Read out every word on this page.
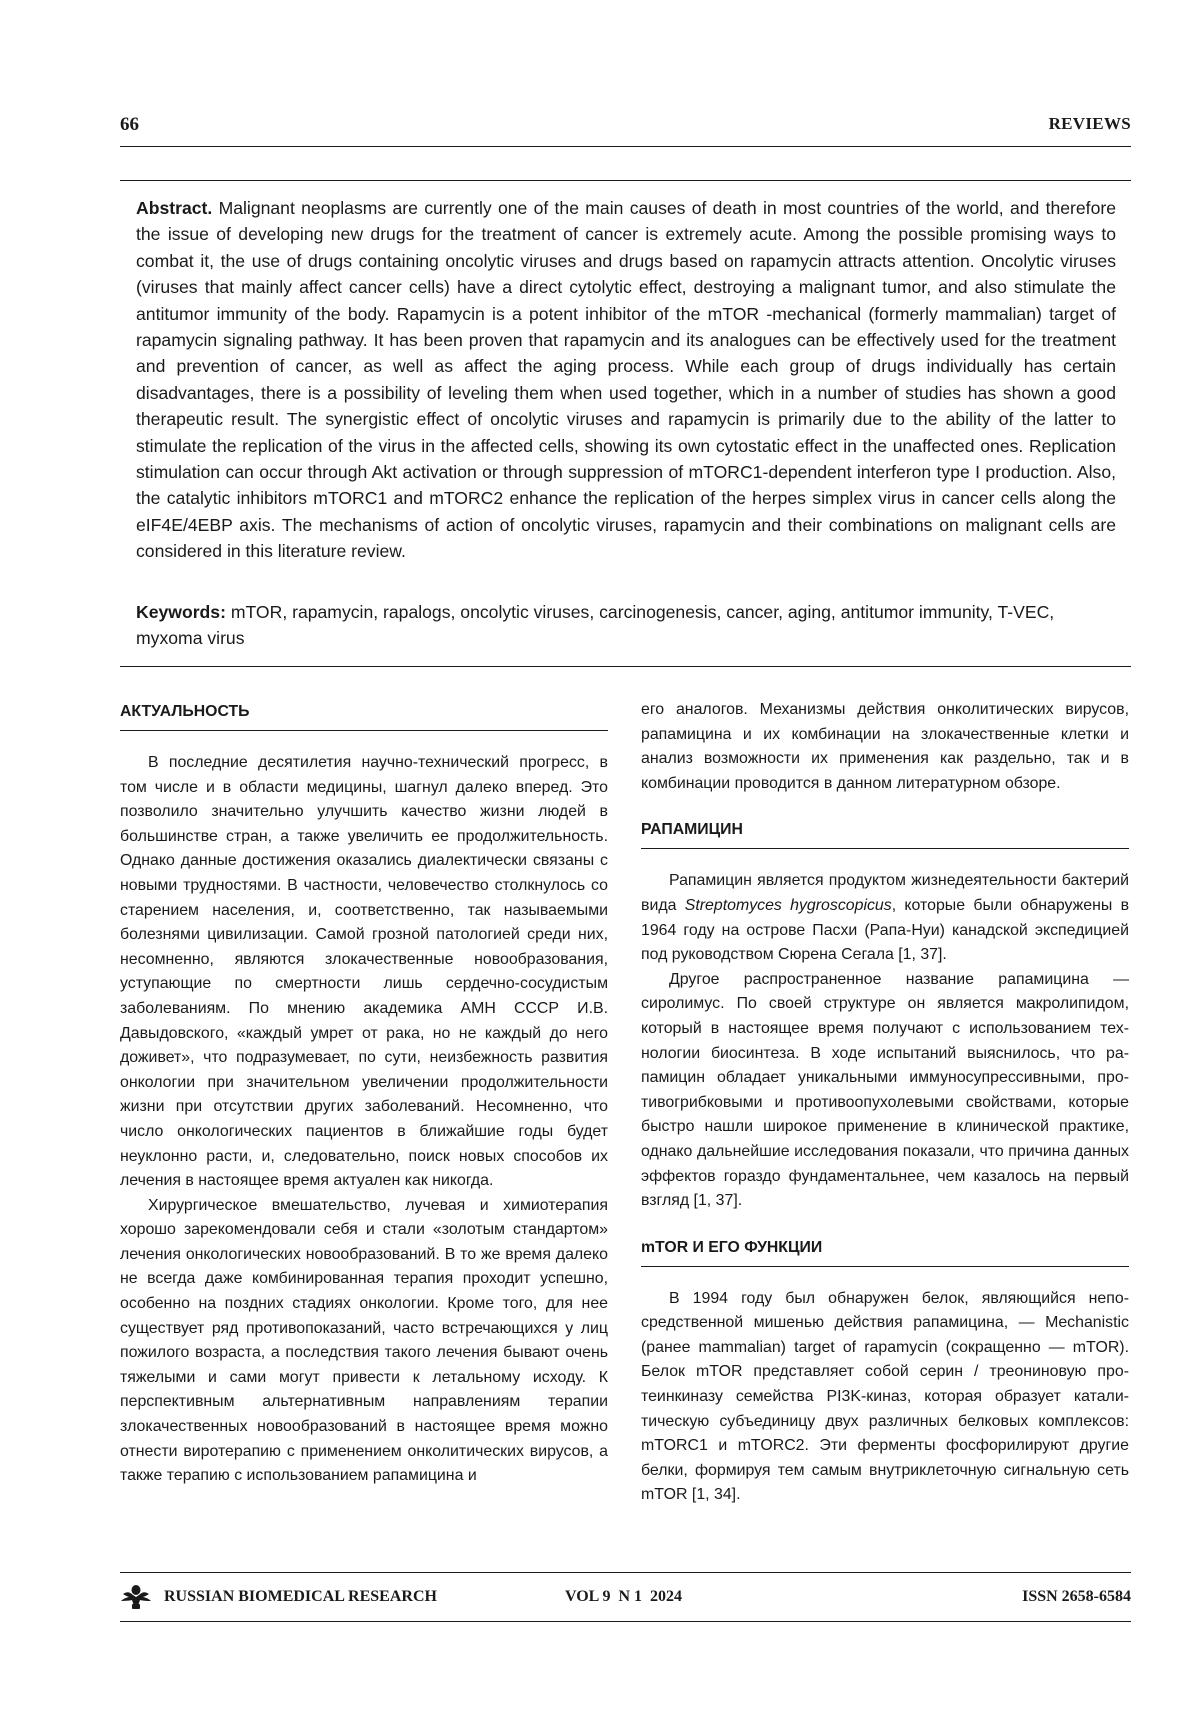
66	REVIEWS

Abstract. Malignant neoplasms are currently one of the main causes of death in most countries of the world, and therefore the issue of developing new drugs for the treatment of cancer is extremely acute. Among the possible promising ways to combat it, the use of drugs containing oncolytic viruses and drugs based on rapamycin attracts attention. Oncolytic viruses (viruses that mainly affect cancer cells) have a direct cytolytic effect, destroying a malignant tumor, and also stimulate the antitumor immunity of the body. Rapamycin is a potent inhibitor of the mTOR -mechanical (formerly mammalian) target of rapamycin signaling pathway. It has been proven that rapamycin and its analogues can be effectively used for the treatment and prevention of cancer, as well as affect the aging process. While each group of drugs individually has certain disadvantages, there is a possibility of leveling them when used together, which in a number of studies has shown a good therapeutic result. The synergistic effect of oncolytic viruses and rapamycin is primarily due to the ability of the latter to stimulate the replication of the virus in the affected cells, showing its own cytostatic effect in the unaffected ones. Replication stimulation can occur through Akt activation or through suppression of mTORC1-dependent interferon type I production. Also, the catalytic inhibitors mTORC1 and mTORC2 enhance the replication of the herpes simplex virus in cancer cells along the eIF4E/4EBP axis. The mechanisms of action of oncolytic viruses, rapamycin and their combinations on malignant cells are considered in this literature review.

Keywords: mTOR, rapamycin, rapalogs, oncolytic viruses, carcinogenesis, cancer, aging, antitumor immunity, T-VEC, myxoma virus

АКТУАЛЬНОСТЬ

В последние десятилетия научно-технический прогресс, в том числе и в области медицины, шагнул далеко вперед. Это позволило значительно улучшить качество жизни людей в большинстве стран, а также увеличить ее продолжительность. Однако данные достижения оказались диалектически связаны с новыми трудностями. В частности, человечество столкнулось со старением населения, и, соответственно, так называемыми болезнями цивилизации. Самой грозной патологией среди них, несомненно, являются злокачественные новообразования, уступающие по смертности лишь сердечно-сосудистым заболеваниям. По мнению академика АМН СССР И.В. Давыдовского, «каждый умрет от рака, но не каждый до него доживет», что подразумевает, по сути, неизбежность развития онкологии при значительном увеличении продолжительности жизни при отсутствии других заболеваний. Несомненно, что число онкологических пациентов в ближайшие годы будет неуклонно расти, и, следовательно, поиск новых способов их лечения в настоящее время актуален как никогда.

Хирургическое вмешательство, лучевая и химиотерапия хорошо зарекомендовали себя и стали «золотым стандартом» лечения онкологических новообразований. В то же время далеко не всегда даже комбинированная терапия проходит успешно, особенно на поздних стадиях онкологии. Кроме того, для нее существует ряд противопоказаний, часто встречающихся у лиц пожилого возраста, а последствия такого лечения бывают очень тяжелыми и сами могут привести к летальному исходу. К перспективным альтернативным направлениям терапии злокачественных новообразований в настоящее время можно отнести виротерапию с применением онколитических вирусов, а также терапию с использованием рапамицина и

его аналогов. Механизмы действия онколитических вирусов, рапамицина и их комбинации на злокачественные клетки и анализ возможности их применения как раздельно, так и в комбинации проводится в данном литературном обзоре.

РАПАМИЦИН

Рапамицин является продуктом жизнедеятельности бактерий вида Streptomyces hygroscopicus, которые были обнаружены в 1964 году на острове Пасхи (Рапа-Нуи) канадской экспедицией под руководством Сюрена Сегала [1, 37].

Другое распространенное название рапамицина — сиролимус. По своей структуре он является макролипидом, который в настоящее время получают с использованием технологии биосинтеза. В ходе испытаний выяснилось, что рапамицин обладает уникальными иммуносупрессивными, противогрибковыми и противоопухолевыми свойствами, которые быстро нашли широкое применение в клинической практике, однако дальнейшие исследования показали, что причина данных эффектов гораздо фундаментальнее, чем казалось на первый взгляд [1, 37].

mTOR И ЕГО ФУНКЦИИ

В 1994 году был обнаружен белок, являющийся непосредственной мишенью действия рапамицина, — Mechanistic (ранее mammalian) target of rapamycin (сокращенно — mTOR). Белок mTOR представляет собой серин / треониновую протеинкиназу семейства PI3K-киназ, которая образует каталитическую субъединицу двух различных белковых комплексов: mTORC1 и mTORC2. Эти ферменты фосфорилируют другие белки, формируя тем самым внутриклеточную сигнальную сеть mTOR [1, 34].

RUSSIAN BIOMEDICAL RESEARCH	VOL 9  N 1  2024	ISSN 2658-6584
